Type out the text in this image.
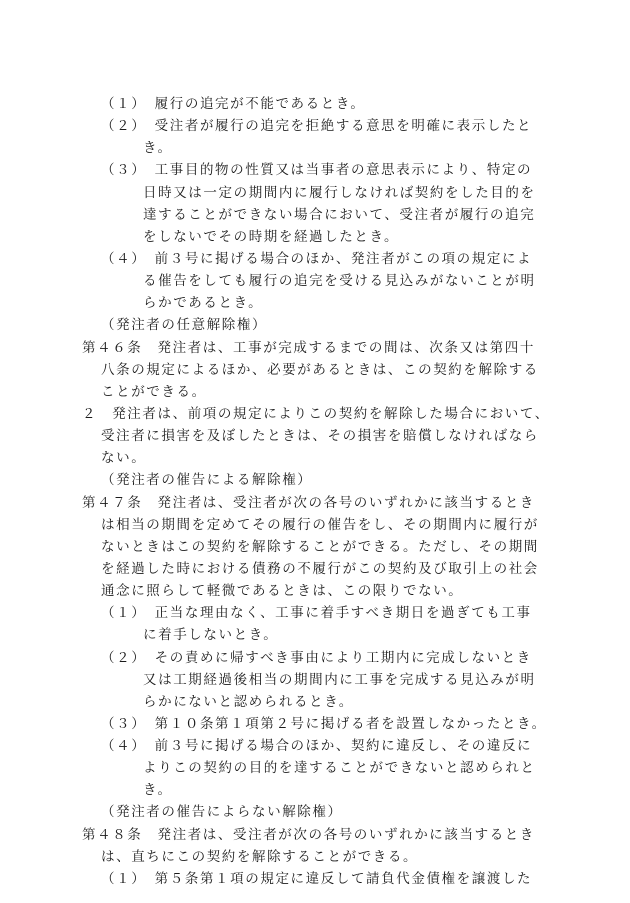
（１）　履行の追完が不能であるとき。
（２）　受注者が履行の追完を拒絶する意思を明確に表示したと
き。
（３）　工事目的物の性質又は当事者の意思表示により、特定の
日時又は一定の期間内に履行しなければ契約をした目的を
達することができない場合において、受注者が履行の追完
をしないでその時期を経過したとき。
（４）　前３号に掲げる場合のほか、発注者がこの項の規定によ
る催告をしても履行の追完を受ける見込みがないことが明
らかであるとき。
（発注者の任意解除権）
第４６条　発注者は、工事が完成するまでの間は、次条又は第四十
八条の規定によるほか、必要があるときは、この契約を解除する
ことができる。
２　発注者は、前項の規定によりこの契約を解除した場合において、
受注者に損害を及ぼしたときは、その損害を賠償しなければなら
ない。
（発注者の催告による解除権）
第４７条　発注者は、受注者が次の各号のいずれかに該当するとき
は相当の期間を定めてその履行の催告をし、その期間内に履行が
ないときはこの契約を解除することができる。ただし、その期間
を経過した時における債務の不履行がこの契約及び取引上の社会
通念に照らして軽微であるときは、この限りでない。
（１）　正当な理由なく、工事に着手すべき期日を過ぎても工事
に着手しないとき。
（２）　その責めに帰すべき事由により工期内に完成しないとき
又は工期経過後相当の期間内に工事を完成する見込みが明
らかにないと認められるとき。
（３）　第１０条第１項第２号に掲げる者を設置しなかったとき。
（４）　前３号に掲げる場合のほか、契約に違反し、その違反に
よりこの契約の目的を達することができないと認められと
き。
（発注者の催告によらない解除権）
第４８条　発注者は、受注者が次の各号のいずれかに該当するとき
は、直ちにこの契約を解除することができる。
（１）　第５条第１項の規定に違反して請負代金債権を譲渡した
